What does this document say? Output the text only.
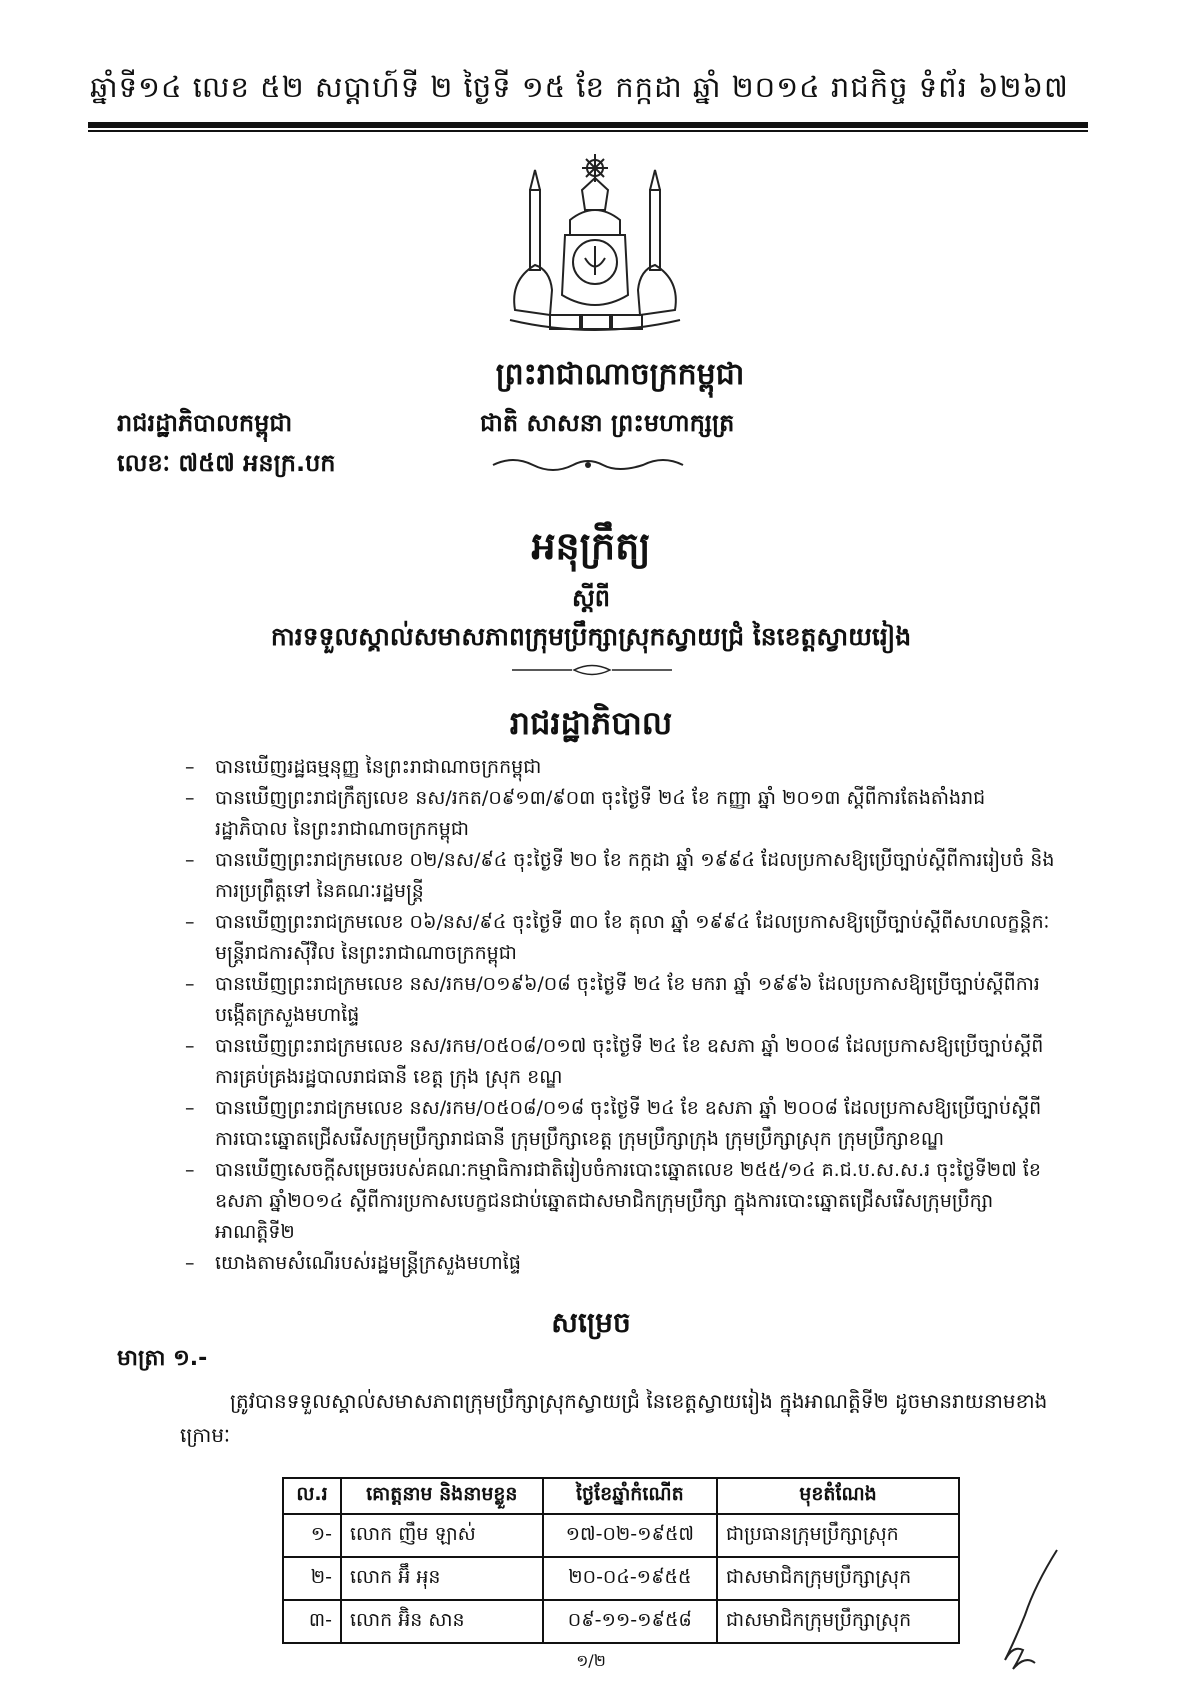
ឆ្នាំទី១៤ លេខ ៥២ សប្តាហ៍ទី ២ ថ្ងៃទី ១៥ ខែ កក្កដា ឆ្នាំ ២០១៤ រាជកិច្ច ទំព័រ ៦២៦៧
ព្រះរាជាណាចក្រកម្ពុជា
រាជរដ្ឋាភិបាលកម្ពុជា	ជាតិ សាសនា ព្រះមហាក្សត្រ
លេខៈ ៧៥៧ អនក្រ.បក
អនុក្រឹត្យ
ស្តីពី
ការទទួលស្គាល់សមាសភាពក្រុមប្រឹក្សាស្រុកស្វាយជ្រំ នៃខេត្តស្វាយរៀង
រាជរដ្ឋាភិបាល
– បានឃើញរដ្ឋធម្មនុញ្ញ នៃព្រះរាជាណាចក្រកម្ពុជា
– បានឃើញព្រះរាជក្រឹត្យលេខ នស/រកត/០៩១៣/៩០៣ ចុះថ្ងៃទី ២៤ ខែ កញ្ញា ឆ្នាំ ២០១៣ ស្តីពីការតែងតាំងរាជរដ្ឋាភិបាល នៃព្រះរាជាណាចក្រកម្ពុជា
– បានឃើញព្រះរាជក្រមលេខ ០២/នស/៩៤ ចុះថ្ងៃទី ២០ ខែ កក្កដា ឆ្នាំ ១៩៩៤ ដែលប្រកាសឱ្យប្រើច្បាប់ស្តីពីការរៀបចំ និងការប្រព្រឹត្តទៅ នៃគណៈរដ្ឋមន្ត្រី
– បានឃើញព្រះរាជក្រមលេខ ០៦/នស/៩៤ ចុះថ្ងៃទី ៣០ ខែ តុលា ឆ្នាំ ១៩៩៤ ដែលប្រកាសឱ្យប្រើច្បាប់ស្តីពីសហលក្ខន្តិកៈមន្ត្រីរាជការស៊ីវិល នៃព្រះរាជាណាចក្រកម្ពុជា
– បានឃើញព្រះរាជក្រមលេខ នស/រកម/០១៩៦/០៨ ចុះថ្ងៃទី ២៤ ខែ មករា ឆ្នាំ ១៩៩៦ ដែលប្រកាសឱ្យប្រើច្បាប់ស្តីពីការបង្កើតក្រសួងមហាផ្ទៃ
– បានឃើញព្រះរាជក្រមលេខ នស/រកម/០៥០៨/០១៧ ចុះថ្ងៃទី ២៤ ខែ ឧសភា ឆ្នាំ ២០០៨ ដែលប្រកាសឱ្យប្រើច្បាប់ស្តីពីការគ្រប់គ្រងរដ្ឋបាលរាជធានី ខេត្ត ក្រុង ស្រុក ខណ្ឌ
– បានឃើញព្រះរាជក្រមលេខ នស/រកម/០៥០៨/០១៨ ចុះថ្ងៃទី ២៤ ខែ ឧសភា ឆ្នាំ ២០០៨ ដែលប្រកាសឱ្យប្រើច្បាប់ស្តីពីការបោះឆ្នោតជ្រើសរើសក្រុមប្រឹក្សារាជធានី ក្រុមប្រឹក្សាខេត្ត ក្រុមប្រឹក្សាក្រុង ក្រុមប្រឹក្សាស្រុក ក្រុមប្រឹក្សាខណ្ឌ
– បានឃើញសេចក្តីសម្រេចរបស់គណៈកម្មាធិការជាតិរៀបចំការបោះឆ្នោតលេខ ២៥៥/១៤ គ.ជ.ប.ស.ស.រ ចុះថ្ងៃទី២៧ ខែឧសភា ឆ្នាំ២០១៤ ស្តីពីការប្រកាសបេក្ខជនជាប់ឆ្នោតជាសមាជិកក្រុមប្រឹក្សា ក្នុងការបោះឆ្នោតជ្រើសរើសក្រុមប្រឹក្សា អាណត្តិទី២
– យោងតាមសំណើរបស់រដ្ឋមន្ត្រីក្រសួងមហាផ្ទៃ
សម្រេច
មាត្រា ១.-
ត្រូវបានទទួលស្គាល់សមាសភាពក្រុមប្រឹក្សាស្រុកស្វាយជ្រំ នៃខេត្តស្វាយរៀង ក្នុងអាណត្តិទី២ ដូចមានរាយនាមខាងក្រោមៈ
ល.រ	គោត្តនាម និងនាមខ្លួន	ថ្ងៃខែឆ្នាំកំណើត	មុខតំណែង
១-	លោក ញឹម ឡាស់	១៧-០២-១៩៥៧	ជាប្រធានក្រុមប្រឹក្សាស្រុក
២-	លោក អ៊ឹ អុន	២០-០៤-១៩៥៥	ជាសមាជិកក្រុមប្រឹក្សាស្រុក
៣-	លោក អ៊ិន សាន	០៩-១១-១៩៥៨	ជាសមាជិកក្រុមប្រឹក្សាស្រុក
១/២
